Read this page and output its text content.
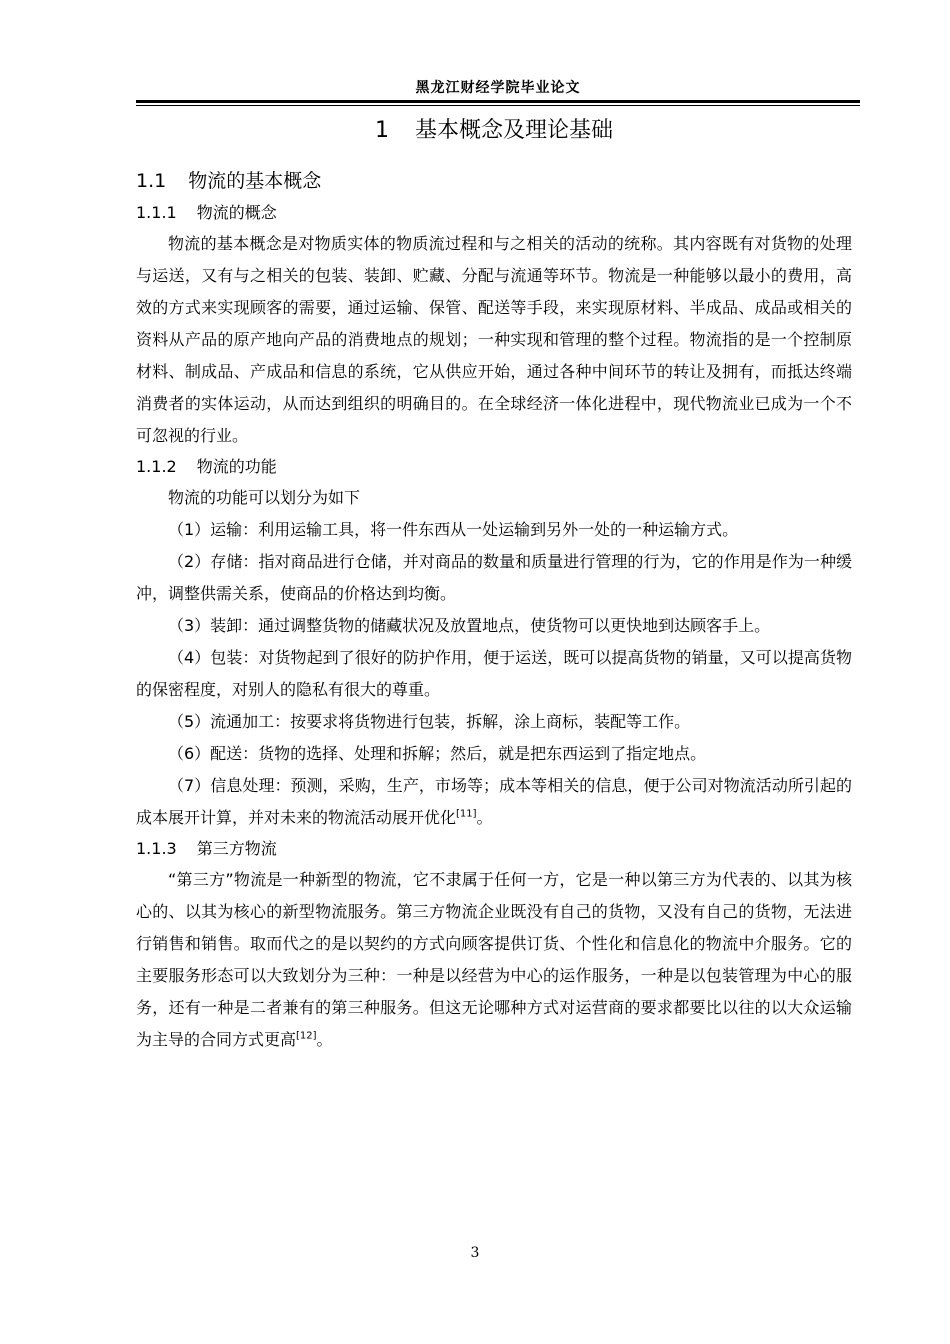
黑龙江财经学院毕业论文
1 基本概念及理论基础
1.1 物流的基本概念
1.1.1 物流的概念

物流的基本概念是对物质实体的物质流过程和与之相关的活动的统称。其内容既有对货物的处理与运送，又有与之相关的包装、装卸、贮藏、分配与流通等环节。物流是一种能够以最小的费用，高效的方式来实现顾客的需要，通过运输、保管、配送等手段，来实现原材料、半成品、成品或相关的资料从产品的原产地向产品的消费地点的规划；一种实现和管理的整个过程。物流指的是一个控制原材料、制成品、产成品和信息的系统，它从供应开始，通过各种中间环节的转让及拥有，而抵达终端消费者的实体运动，从而达到组织的明确目的。在全球经济一体化进程中，现代物流业已成为一个不可忽视的行业。

1.1.2 物流的功能

物流的功能可以划分为如下

（1）运输：利用运输工具，将一件东西从一处运输到另外一处的一种运输方式。

（2）存储：指对商品进行仓储，并对商品的数量和质量进行管理的行为，它的作用是作为一种缓冲，调整供需关系，使商品的价格达到均衡。

（3）装卸：通过调整货物的储藏状况及放置地点，使货物可以更快地到达顾客手上。

（4）包装：对货物起到了很好的防护作用，便于运送，既可以提高货物的销量，又可以提高货物的保密程度，对别人的隐私有很大的尊重。

（5）流通加工：按要求将货物进行包装，拆解，涂上商标，装配等工作。

（6）配送：货物的选择、处理和拆解；然后，就是把东西运到了指定地点。

（7）信息处理：预测，采购，生产，市场等；成本等相关的信息，便于公司对物流活动所引起的成本展开计算，并对未来的物流活动展开优化[11]。

1.1.3 第三方物流

“第三方”物流是一种新型的物流，它不隶属于任何一方，它是一种以第三方为代表的、以其为核心的、以其为核心的新型物流服务。第三方物流企业既没有自己的货物，又没有自己的货物，无法进行销售和销售。取而代之的是以契约的方式向顾客提供订货、个性化和信息化的物流中介服务。它的主要服务形态可以大致划分为三种：一种是以经营为中心的运作服务，一种是以包装管理为中心的服务，还有一种是二者兼有的第三种服务。但这无论哪种方式对运营商的要求都要比以往的以大众运输为主导的合同方式更高[12]。

3
